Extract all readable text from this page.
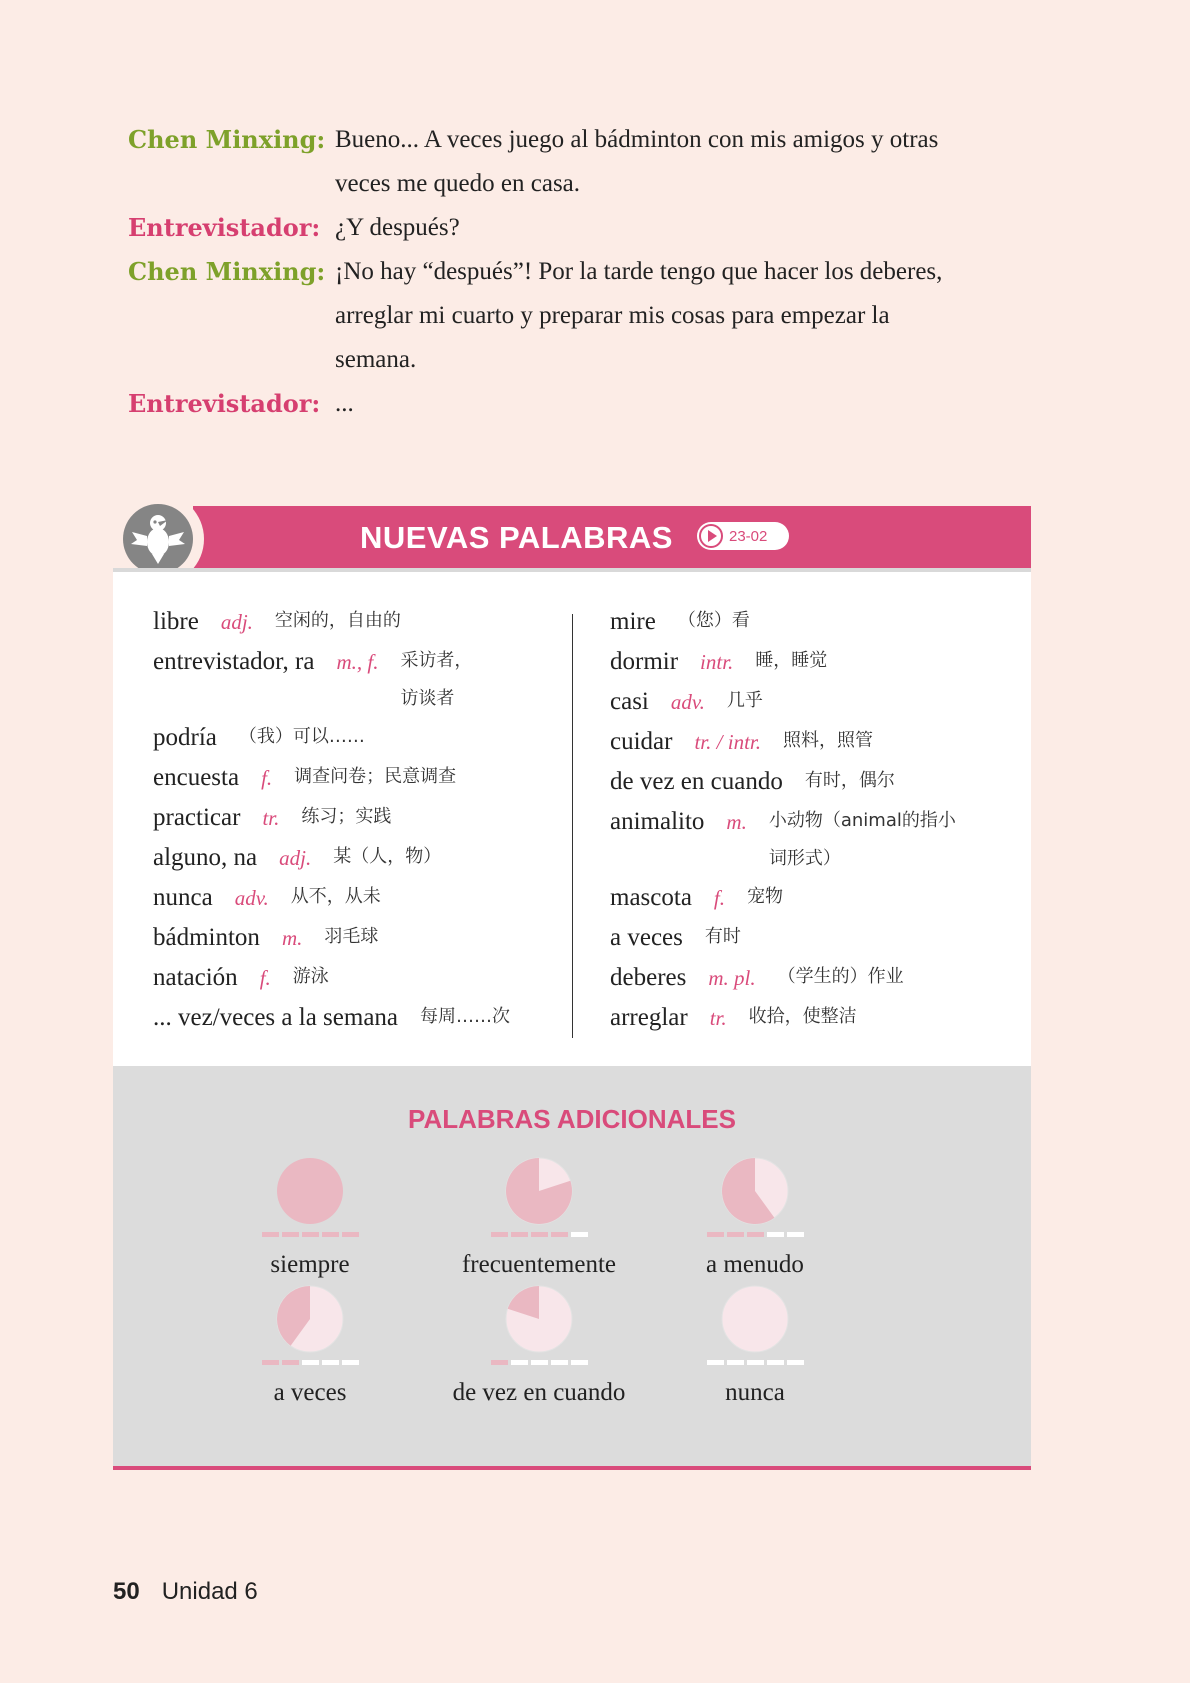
Chen Minxing: Bueno... A veces juego al bádminton con mis amigos y otras
veces me quedo en casa.
Entrevistador: ¿Y después?
Chen Minxing: ¡No hay “después”! Por la tarde tengo que hacer los deberes,
arreglar mi cuarto y preparar mis cosas para empezar la
semana.
Entrevistador: ...
NUEVAS PALABRAS	23-02
libre adj. 空闲的，自由的
entrevistador, ra m., f. 采访者，
访谈者
podría （我）可以……
encuesta f. 调查问卷；民意调查
practicar tr. 练习；实践
alguno, na adj. 某（人，物）
nunca adv. 从不，从未
bádminton m. 羽毛球
natación f. 游泳
... vez/veces a la semana 每周……次
mire （您）看
dormir intr. 睡，睡觉
casi adv. 几乎
cuidar tr. / intr. 照料，照管
de vez en cuando 有时，偶尔
animalito m. 小动物（animal的指小
词形式）
mascota f. 宠物
a veces 有时
deberes m. pl. （学生的）作业
arreglar tr. 收拾，使整洁
PALABRAS ADICIONALES
siempre	frecuentemente	a menudo
a veces	de vez en cuando	nunca
50 Unidad 6
